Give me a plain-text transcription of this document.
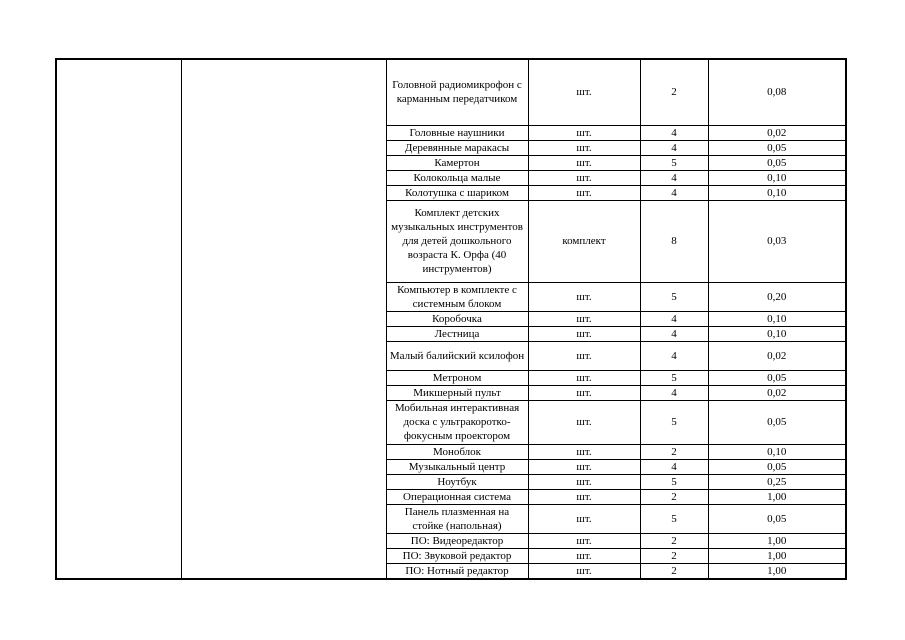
		Головной радиомикрофон с карманным передатчиком	шт.	2	0,08
		Головные наушники	шт.	4	0,02
		Деревянные маракасы	шт.	4	0,05
		Камертон	шт.	5	0,05
		Колокольца малые	шт.	4	0,10
		Колотушка с шариком	шт.	4	0,10
		Комплект детских музыкальных инструментов для детей дошкольного возраста К. Орфа (40 инструментов)	комплект	8	0,03
		Компьютер в комплекте с системным блоком	шт.	5	0,20
		Коробочка	шт.	4	0,10
		Лестница	шт.	4	0,10
		Малый балийский ксилофон	шт.	4	0,02
		Метроном	шт.	5	0,05
		Микшерный пульт	шт.	4	0,02
		Мобильная интерактивная доска с ультракоротко-фокусным проектором	шт.	5	0,05
		Моноблок	шт.	2	0,10
		Музыкальный центр	шт.	4	0,05
		Ноутбук	шт.	5	0,25
		Операционная система	шт.	2	1,00
		Панель плазменная на стойке (напольная)	шт.	5	0,05
		ПО: Видеоредактор	шт.	2	1,00
		ПО: Звуковой редактор	шт.	2	1,00
		ПО: Нотный редактор	шт.	2	1,00
